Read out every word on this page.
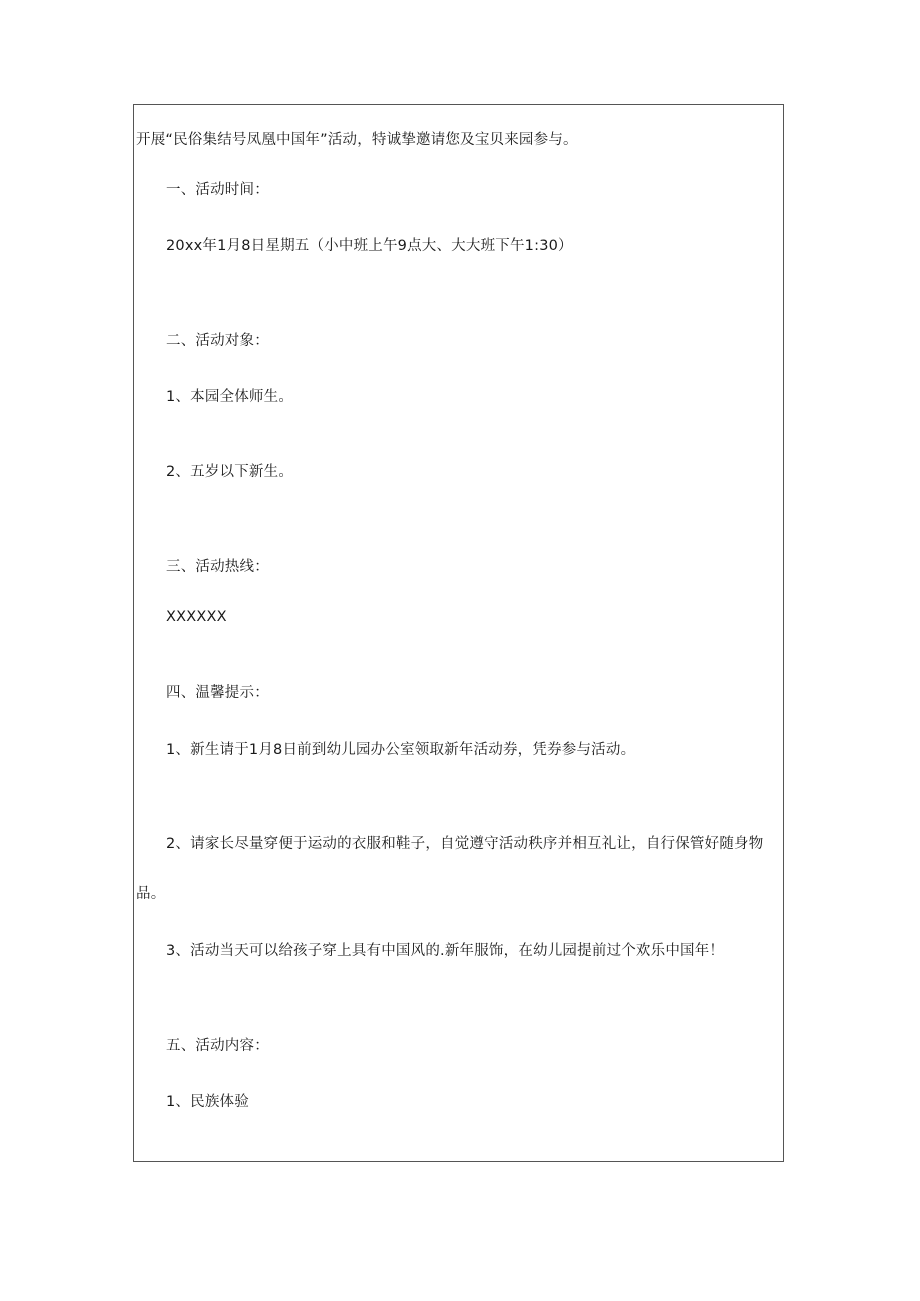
开展“民俗集结号凤凰中国年”活动，特诚挚邀请您及宝贝来园参与。
一、活动时间：
20xx年1月8日星期五（小中班上午9点大、大大班下午1:30）
二、活动对象：
1、本园全体师生。
2、五岁以下新生。
三、活动热线：
XXXXXX
四、温馨提示：
1、新生请于1月8日前到幼儿园办公室领取新年活动券，凭券参与活动。
2、请家长尽量穿便于运动的衣服和鞋子，自觉遵守活动秩序并相互礼让，自行保管好随身物
品。
3、活动当天可以给孩子穿上具有中国风的.新年服饰，在幼儿园提前过个欢乐中国年！
五、活动内容：
1、民族体验
